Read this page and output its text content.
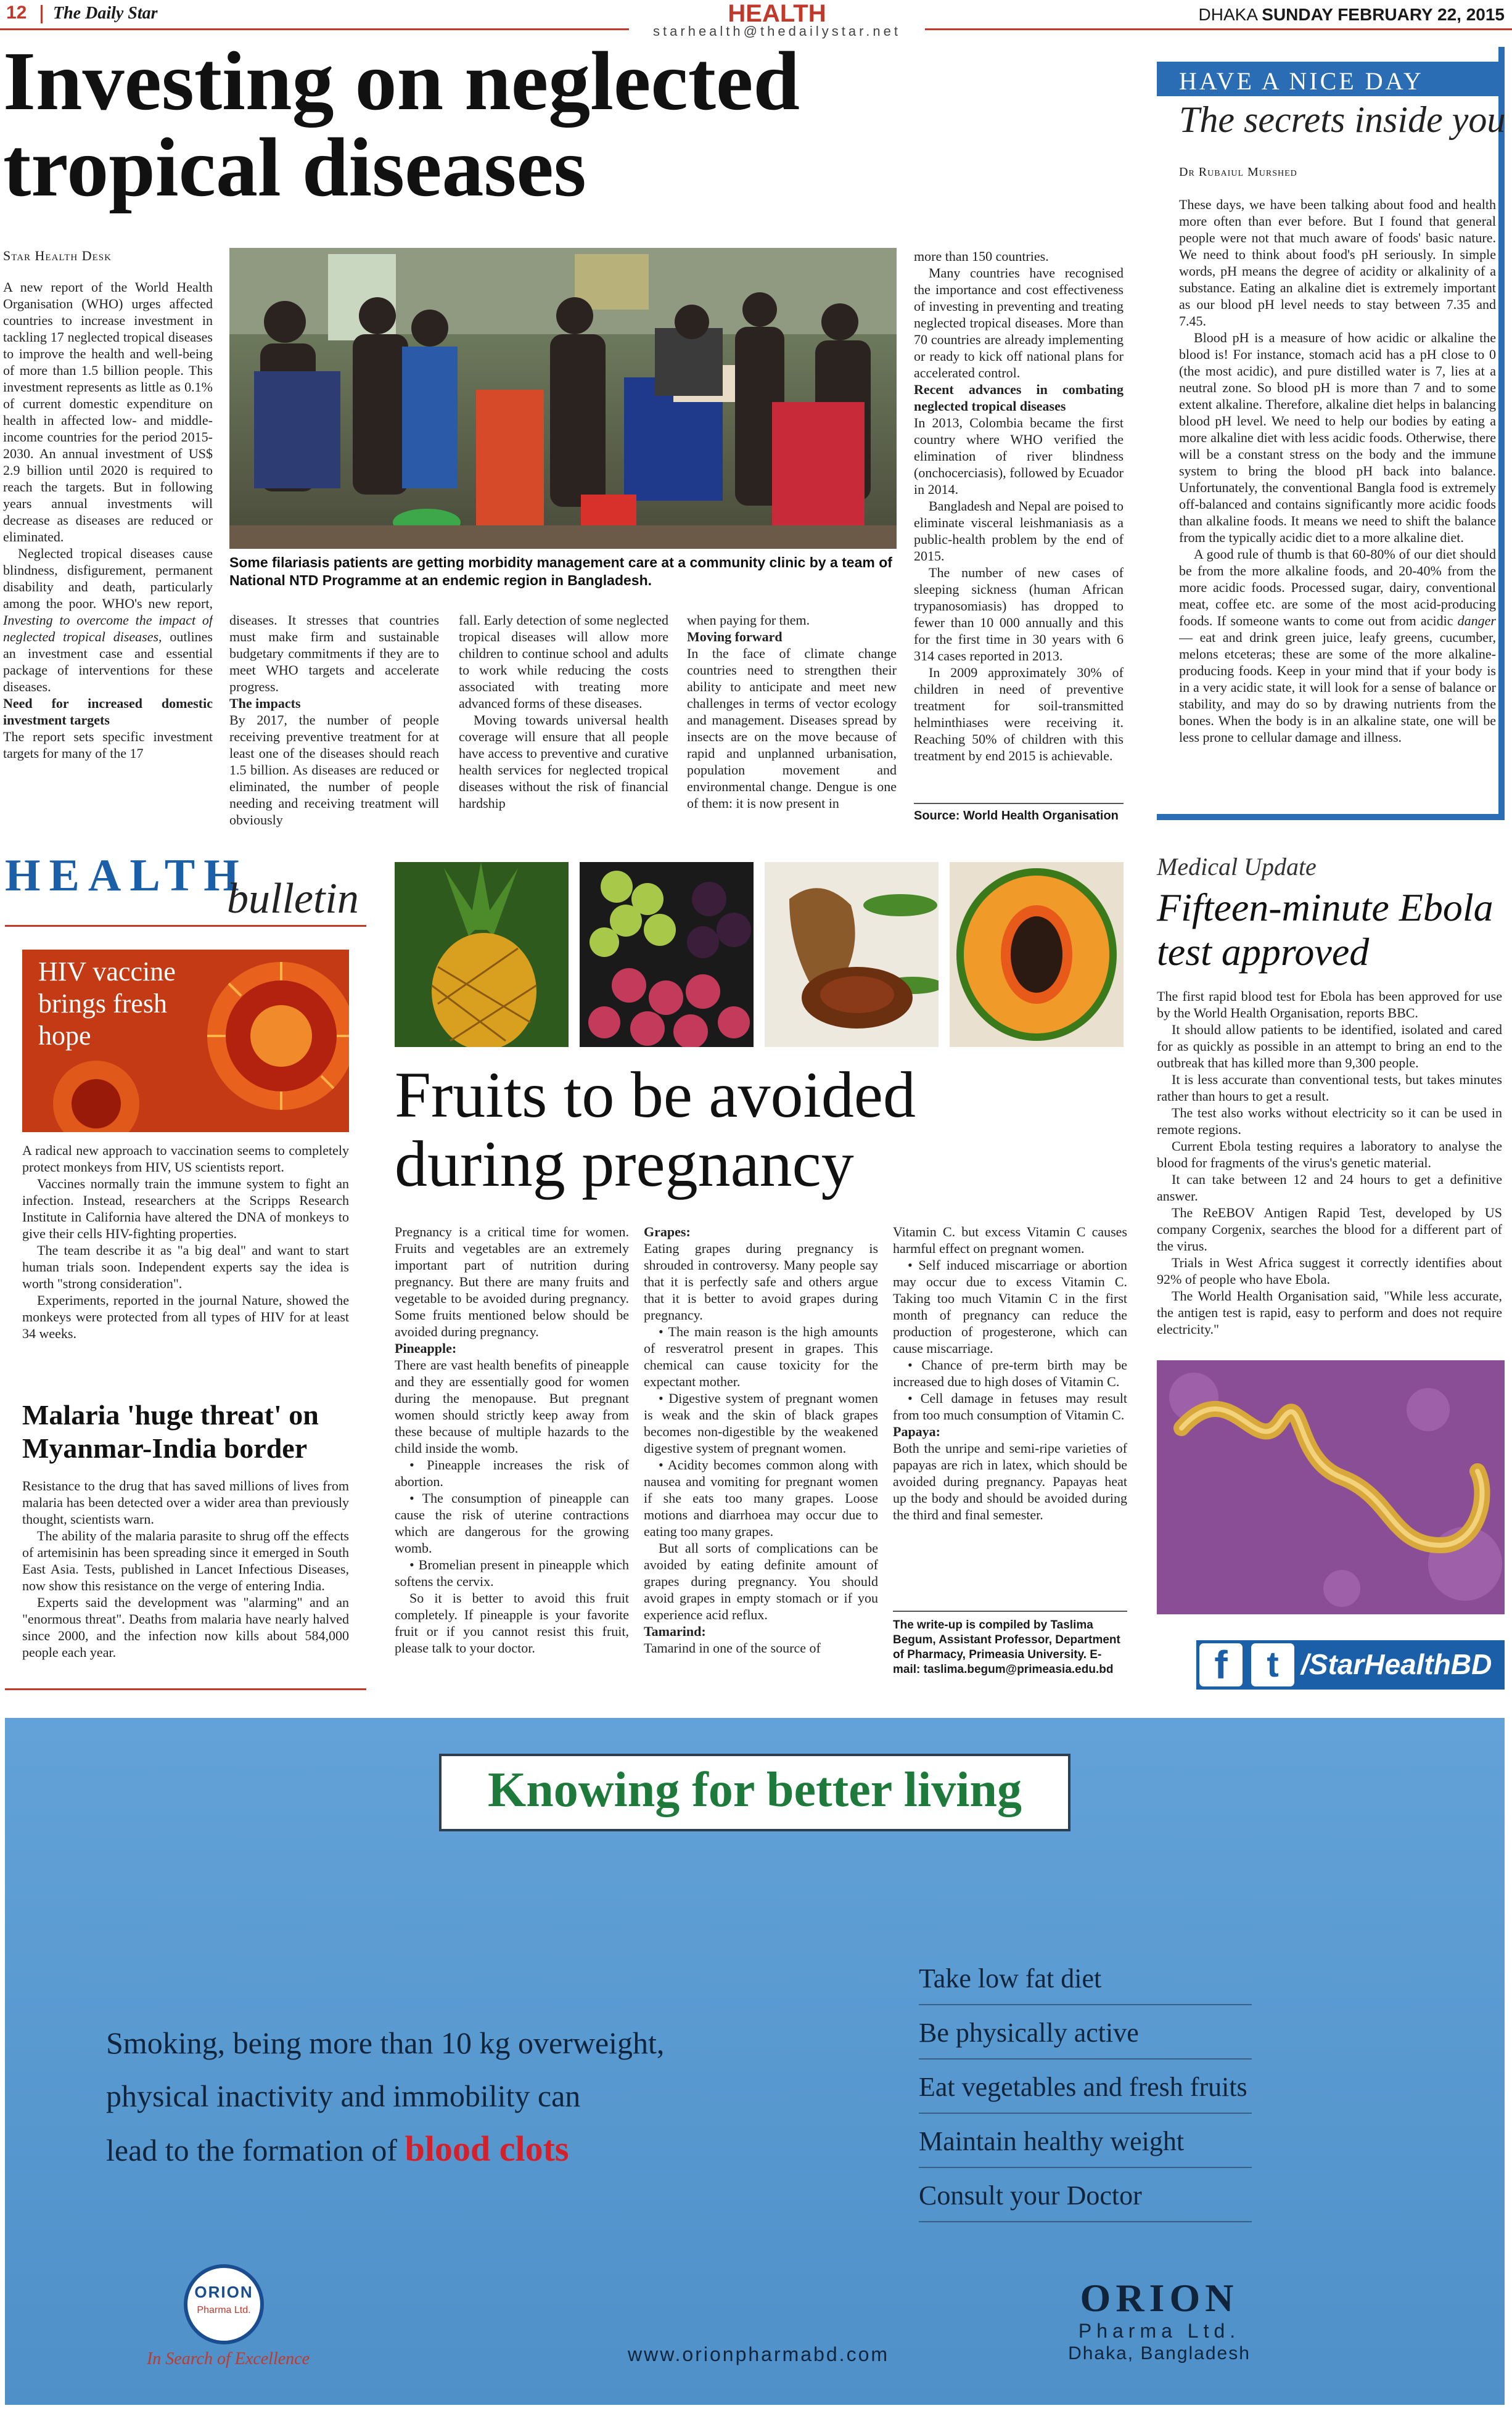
12 The Daily Star	HEALTH
starhealth@thedailystar.net
DHAKA SUNDAY FEBRUARY 22, 2015
Investing on neglected tropical diseases
Star Health Desk
Some filariasis patients are getting morbidity management care at a community clinic by a team of National NTD Programme at an endemic region in Bangladesh.

A new report of the World Health Organisation (WHO) urges affected countries to increase investment in tackling 17 neglected tropical diseases to improve the health and well-being of more than 1.5 billion people. This investment represents as little as 0.1% of current domestic expenditure on health in affected low- and middle-income countries for the period 2015-2030. An annual investment of US$ 2.9 billion until 2020 is required to reach the targets. But in following years annual investments will decrease as diseases are reduced or eliminated.

Neglected tropical diseases cause blindness, disfigurement, permanent disability and death, particularly among the poor. WHO's new report, Investing to overcome the impact of neglected tropical diseases, outlines an investment case and essential package of interventions for these diseases.

Need for increased domestic investment targets

The report sets specific investment targets for many of the 17

diseases. It stresses that countries must make firm and sustainable budgetary commitments if they are to meet WHO targets and accelerate progress.

The impacts

By 2017, the number of people receiving preventive treatment for at least one of the diseases should reach 1.5 billion. As diseases are reduced or eliminated, the number of people needing and receiving treatment will obviously

fall. Early detection of some neglected tropical diseases will allow more children to continue school and adults to work while reducing the costs associated with treating more advanced forms of these diseases.

Moving towards universal health coverage will ensure that all people have access to preventive and curative health services for neglected tropical diseases without the risk of financial hardship

when paying for them.

Moving forward

In the face of climate change countries need to strengthen their ability to anticipate and meet new challenges in terms of vector ecology and management. Diseases spread by insects are on the move because of rapid and unplanned urbanisation, population movement and environmental change. Dengue is one of them: it is now present in

more than 150 countries.

Many countries have recognised the importance and cost effectiveness of investing in preventing and treating neglected tropical diseases. More than 70 countries are already implementing or ready to kick off national plans for accelerated control.

Recent advances in combating neglected tropical diseases

In 2013, Colombia became the first country where WHO verified the elimination of river blindness (onchocerciasis), followed by Ecuador in 2014.

Bangladesh and Nepal are poised to eliminate visceral leishmaniasis as a public-health problem by the end of 2015.

The number of new cases of sleeping sickness (human African trypanosomiasis) has dropped to fewer than 10 000 annually and this for the first time in 30 years with 6 314 cases reported in 2013.

In 2009 approximately 30% of children in need of preventive treatment for soil-transmitted helminthiases were receiving it. Reaching 50% of children with this treatment by end 2015 is achievable.

Source: World Health Organisation
HAVE A NICE DAY
The secrets inside you
Dr Rubaiul Murshed

These days, we have been talking about food and health more often than ever before. But I found that general people were not that much aware of foods' basic nature. We need to think about food's pH seriously. In simple words, pH means the degree of acidity or alkalinity of a substance. Eating an alkaline diet is extremely important as our blood pH level needs to stay between 7.35 and 7.45.

Blood pH is a measure of how acidic or alkaline the blood is! For instance, stomach acid has a pH close to 0 (the most acidic), and pure distilled water is 7, lies at a neutral zone. So blood pH is more than 7 and to some extent alkaline. Therefore, alkaline diet helps in balancing blood pH level. We need to help our bodies by eating a more alkaline diet with less acidic foods. Otherwise, there will be a constant stress on the body and the immune system to bring the blood pH back into balance. Unfortunately, the conventional Bangla food is extremely off-balanced and contains significantly more acidic foods than alkaline foods. It means we need to shift the balance from the typically acidic diet to a more alkaline diet.

A good rule of thumb is that 60-80% of our diet should be from the more alkaline foods, and 20-40% from the more acidic foods. Processed sugar, dairy, conventional meat, coffee etc. are some of the most acid-producing foods. If someone wants to come out from acidic danger — eat and drink green juice, leafy greens, cucumber, melons etceteras; these are some of the more alkaline-producing foods. Keep in your mind that if your body is in a very acidic state, it will look for a sense of balance or stability, and may do so by drawing nutrients from the bones. When the body is in an alkaline state, one will be less prone to cellular damage and illness.

HEALTH
bulletin
HIV vaccine brings fresh hope

A radical new approach to vaccination seems to completely protect monkeys from HIV, US scientists report.

Vaccines normally train the immune system to fight an infection. Instead, researchers at the Scripps Research Institute in California have altered the DNA of monkeys to give their cells HIV-fighting properties.

The team describe it as "a big deal" and want to start human trials soon. Independent experts say the idea is worth "strong consideration".

Experiments, reported in the journal Nature, showed the monkeys were protected from all types of HIV for at least 34 weeks.

Malaria 'huge threat' on Myanmar-India border

Resistance to the drug that has saved millions of lives from malaria has been detected over a wider area than previously thought, scientists warn.

The ability of the malaria parasite to shrug off the effects of artemisinin has been spreading since it emerged in South East Asia. Tests, published in Lancet Infectious Diseases, now show this resistance on the verge of entering India.

Experts said the development was "alarming" and an "enormous threat". Deaths from malaria have nearly halved since 2000, and the infection now kills about 584,000 people each year.

Fruits to be avoided during pregnancy

Pregnancy is a critical time for women. Fruits and vegetables are an extremely important part of nutrition during pregnancy. But there are many fruits and vegetable to be avoided during pregnancy. Some fruits mentioned below should be avoided during pregnancy.

Pineapple:

There are vast health benefits of pineapple and they are essentially good for women during the menopause. But pregnant women should strictly keep away from these because of multiple hazards to the child inside the womb.

• Pineapple increases the risk of abortion.

• The consumption of pineapple can cause the risk of uterine contractions which are dangerous for the growing womb.

• Bromelian present in pineapple which softens the cervix.

So it is better to avoid this fruit completely. If pineapple is your favorite fruit or if you cannot resist this fruit, please talk to your doctor.

Grapes:

Eating grapes during pregnancy is shrouded in controversy. Many people say that it is perfectly safe and others argue that it is better to avoid grapes during pregnancy.

• The main reason is the high amounts of resveratrol present in grapes. This chemical can cause toxicity for the expectant mother.

• Digestive system of pregnant women is weak and the skin of black grapes becomes non-digestible by the weakened digestive system of pregnant women.

• Acidity becomes common along with nausea and vomiting for pregnant women if she eats too many grapes. Loose motions and diarrhoea may occur due to eating too many grapes.

But all sorts of complications can be avoided by eating definite amount of grapes during pregnancy. You should avoid grapes in empty stomach or if you experience acid reflux.

Tamarind:

Tamarind in one of the source of

Vitamin C. but excess Vitamin C causes harmful effect on pregnant women.

• Self induced miscarriage or abortion may occur due to excess Vitamin C. Taking too much Vitamin C in the first month of pregnancy can reduce the production of progesterone, which can cause miscarriage.

• Chance of pre-term birth may be increased due to high doses of Vitamin C.

• Cell damage in fetuses may result from too much consumption of Vitamin C.

Papaya:

Both the unripe and semi-ripe varieties of papayas are rich in latex, which should be avoided during pregnancy. Papayas heat up the body and should be avoided during the third and final semester.

The write-up is compiled by Taslima Begum, Assistant Professor, Department of Pharmacy, Primeasia University. E-mail: taslima.begum@primeasia.edu.bd
Medical Update
Fifteen-minute Ebola test approved

The first rapid blood test for Ebola has been approved for use by the World Health Organisation, reports BBC.

It should allow patients to be identified, isolated and cared for as quickly as possible in an attempt to bring an end to the outbreak that has killed more than 9,300 people.

It is less accurate than conventional tests, but takes minutes rather than hours to get a result.

The test also works without electricity so it can be used in remote regions.

Current Ebola testing requires a laboratory to analyse the blood for fragments of the virus's genetic material.

It can take between 12 and 24 hours to get a definitive answer.

The ReEBOV Antigen Rapid Test, developed by US company Corgenix, searches the blood for a different part of the virus.

Trials in West Africa suggest it correctly identifies about 92% of people who have Ebola.

The World Health Organisation said, "While less accurate, the antigen test is rapid, easy to perform and does not require electricity."

f	t /StarHealthBD
Knowing for better living
Smoking, being more than 10 kg overweight,
physical inactivity and immobility can
lead to the formation of blood clots
Take low fat diet
Be physically active
Eat vegetables and fresh fruits
Maintain healthy weight
Consult your Doctor
ORION
Pharma Ltd.
In Search of Excellence	www.orionpharmabd.com
ORION
Pharma Ltd.
Dhaka, Bangladesh
